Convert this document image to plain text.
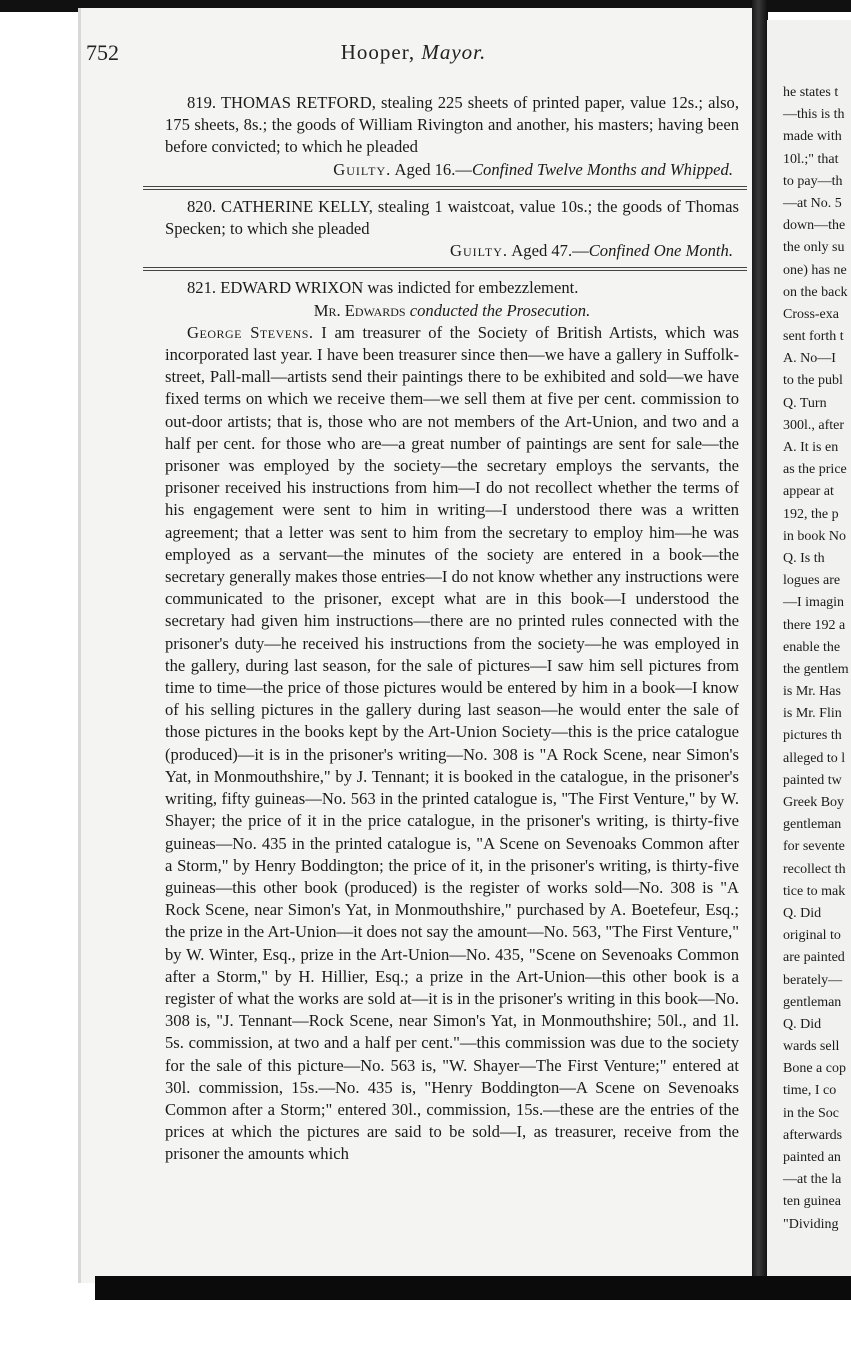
he states t
—this is th
made with
10l.;" that
to pay—th
—at No. 5
down—the
the only su
one) has ne
on the back
Cross-exa
sent forth t
A. No—I
to the publ
Q. Turn
300l., after
A. It is en
as the price
appear at
192, the p
in book No
Q. Is th
logues are
—I imagin
there 192 a
enable the
the gentlem
is Mr. Has
is Mr. Flin
pictures th
alleged to l
painted tw
Greek Boy
gentleman
for sevente
recollect th
tice to mak
Q. Did
original to
are painted
berately—
gentleman
Q. Did
wards sell
Bone a cop
time, I co
in the Soc
afterwards
painted an
—at the la
ten guinea
"Dividing
752	Hooper, Mayor.

819. THOMAS RETFORD, stealing 225 sheets of printed paper, value 12s.; also, 175 sheets, 8s.; the goods of William Rivington and another, his masters; having been before convicted; to which he pleaded

Guilty. Aged 16.—Confined Twelve Months and Whipped.

820. CATHERINE KELLY, stealing 1 waistcoat, value 10s.; the goods of Thomas Specken; to which she pleaded

Guilty. Aged 47.—Confined One Month.

821. EDWARD WRIXON was indicted for embezzlement.

Mr. Edwards conducted the Prosecution.

George Stevens. I am treasurer of the Society of British Artists, which was incorporated last year. I have been treasurer since then—we have a gallery in Suffolk-street, Pall-mall—artists send their paintings there to be exhibited and sold—we have fixed terms on which we receive them—we sell them at five per cent. commission to out-door artists; that is, those who are not members of the Art-Union, and two and a half per cent. for those who are—a great number of paintings are sent for sale—the prisoner was employed by the society—the secretary employs the servants, the prisoner received his instructions from him—I do not recollect whether the terms of his engagement were sent to him in writing—I understood there was a written agreement; that a letter was sent to him from the secretary to employ him—he was employed as a servant—the minutes of the society are entered in a book—the secretary generally makes those entries—I do not know whether any instructions were communicated to the prisoner, except what are in this book—I understood the secretary had given him instructions—there are no printed rules connected with the prisoner's duty—he received his instructions from the society—he was employed in the gallery, during last season, for the sale of pictures—I saw him sell pictures from time to time—the price of those pictures would be entered by him in a book—I know of his selling pictures in the gallery during last season—he would enter the sale of those pictures in the books kept by the Art-Union Society—this is the price catalogue (produced)—it is in the prisoner's writing—No. 308 is "A Rock Scene, near Simon's Yat, in Monmouthshire," by J. Tennant; it is booked in the catalogue, in the prisoner's writing, fifty guineas—No. 563 in the printed catalogue is, "The First Venture," by W. Shayer; the price of it in the price catalogue, in the prisoner's writing, is thirty-five guineas—No. 435 in the printed catalogue is, "A Scene on Sevenoaks Common after a Storm," by Henry Boddington; the price of it, in the prisoner's writing, is thirty-five guineas—this other book (produced) is the register of works sold—No. 308 is "A Rock Scene, near Simon's Yat, in Monmouthshire," purchased by A. Boetefeur, Esq.; the prize in the Art-Union—it does not say the amount—No. 563, "The First Venture," by W. Winter, Esq., prize in the Art-Union—No. 435, "Scene on Sevenoaks Common after a Storm," by H. Hillier, Esq.; a prize in the Art-Union—this other book is a register of what the works are sold at—it is in the prisoner's writing in this book—No. 308 is, "J. Tennant—Rock Scene, near Simon's Yat, in Monmouthshire; 50l., and 1l. 5s. commission, at two and a half per cent."—this commission was due to the society for the sale of this picture—No. 563 is, "W. Shayer—The First Venture;" entered at 30l. commission, 15s.—No. 435 is, "Henry Boddington—A Scene on Sevenoaks Common after a Storm;" entered 30l., commission, 15s.—these are the entries of the prices at which the pictures are said to be sold—I, as treasurer, receive from the prisoner the amounts which
